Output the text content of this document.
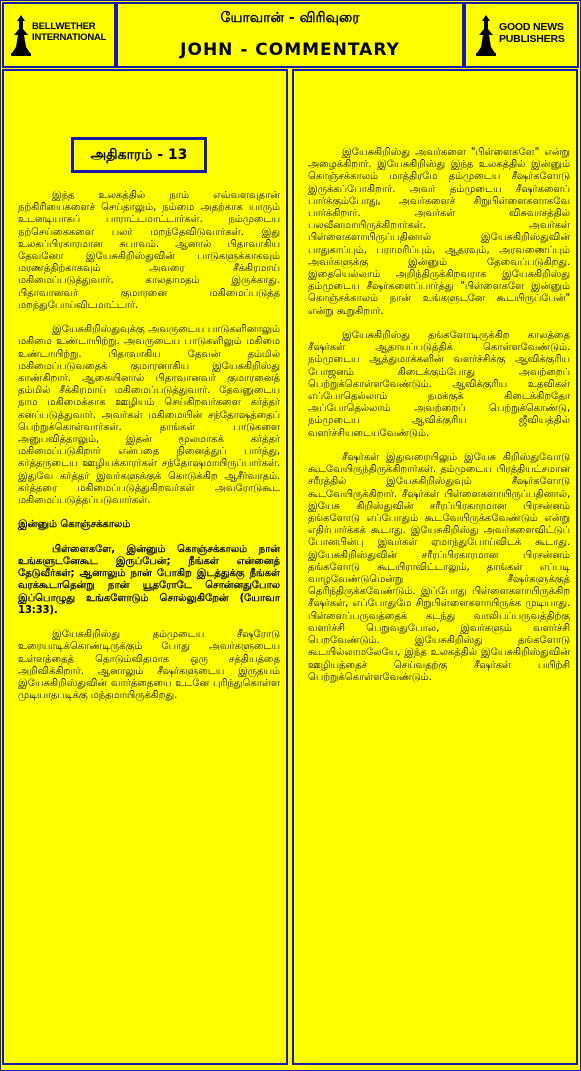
BELLWETHER
INTERNATIONAL
யோவான் - விரிவுரை
JOHN - COMMENTARY
GOOD NEWS
PUBLISHERS
அதிகாரம் - 13

இந்த உலகத்தில் நாம் எவ்வளவுதான் நற்கிரியைகளைச் செய்தாலும், நம்மை அதற்காக யாரும் உடனடியாகப் பாராட்டமாட்டார்கள். நம்முடைய நற்செய்கைகளை பலர் மறந்தேவிடுவார்கள். இது உலகப்பிரகாரமான சுபாவம். ஆனால் பிதாவாகிய தேவனோ இயேசுகிறிஸ்துவின் பாடுகளுக்காகவும் மரணத்திற்காகவும் அவரை சீக்கிரமாய் மகிமைப்படுத்துவார். காலதாமதம் இருக்காது. பிதாவானவர் குமாரனை மகிமைப்படுத்த மறந்துபோய்விடமாட்டார்.

இயேசுகிறிஸ்துவுக்கு அவருடைய பாடுகளினாலும் மகிமை உண்டாயிற்று. அவருடைய பாடுகளிலும் மகிமை உண்டாயிற்று. பிதாவாகிய தேவன் தம்மில் மகிமைப்படுவதைக் குமாரனாகிய இயேசுகிறிஸ்து காண்கிறார். ஆகையினால் பிதாவானவர் குமாரனைத் தம்மில் சீக்கிரமாய் மகிமைப்படுத்துவார். தேவனுடைய நாம மகிமைக்காக ஊழியம் செய்கிறவர்களை கர்த்தர் கனப்படுத்துவார். அவர்கள் மகிமையின் சந்தோஷத்தைப் பெற்றுக்கொள்வார்கள். தாங்கள் பாடுகளை அனுபவித்தாலும், இதன் மூலமாகக் கர்த்தர் மகிமைப்படுகிறார் என்பதை நினைத்துப் பார்த்து, கர்த்தருடைய ஊழியக்காரர்கள் சந்தோஷமாயிருப்பார்கள். இதுவே கர்த்தர் இவர்களுக்குக் கொடுக்கிற ஆசீர்வாதம். கர்த்தரை மகிமைப்படுத்துகிறவர்கள் அவரோடுகூட மகிமைப்படுத்தப்படுவார்கள்.

இன்னும் கொஞ்சக்காலம்

பிள்ளைகளே, இன்னும் கொஞ்சக்காலம் நான் உங்களுடனேகூட இருப்பேன்; நீங்கள் என்னைத் தேடுவீர்கள்; ஆனாலும் நான் போகிற இடத்துக்கு நீங்கள் வரக்கூடாதென்று நான் யூதரோடே சொன்னதுபோல இப்பொழுது உங்களோடும் சொல்லுகிறேன் (யோவா 13:33).

இயேசுகிறிஸ்து தம்முடைய சீஷரோடு உரையாடிக்கொண்டிருக்கும் போது அவர்களுடைய உள்ளத்தைத் தொடும்விதமாக ஒரு சத்தியத்தை அறிவிக்கிறார். ஆனாலும் சீஷர்களுடைய இருதயம் இயேசுகிறிஸ்துவின் வார்த்தையை உடனே புரிந்துகொள்ள முடியாதபடிக்கு மந்தமாயிருக்கிறது.

இயேசுகிறிஸ்து அவர்களை "பிள்ளைகளே" என்று அழைக்கிறார். இயேசுகிறிஸ்து இந்த உலகத்தில் இன்னும் கொஞ்சக்காலம் மாத்திரமே தம்முடைய சீஷர்களோடு இருக்கப்போகிறார். அவர் தம்முடைய சீஷர்களைப் பார்க்கும்போது, அவர்களைச் சிறுபிள்ளைகளாகவே பார்க்கிறார். அவர்கள் விசுவாசத்தில் பலவீனமாயிருக்கிறார்கள். அவர்கள் பிள்ளைகளாயிருப்பதினால் இயேசுகிறிஸ்துவின் பாதுகாப்பும், பராமரிப்பும், ஆதரவும், அரவணைப்பும் அவர்களுக்கு இன்னும் தேவைப்படுகிறது. இதையெல்லாம் அறிந்திருக்கிறவராக இயேசுகிறிஸ்து தம்முடைய சீஷர்களைப்பார்த்து "பிள்ளைகளே இன்னும் கொஞ்சக்காலம் நான் உங்களுடனே கூடயிருப்பேன்" என்று கூறுகிறார்.

இயேசுகிறிஸ்து தங்களோடிருக்கிற காலத்தை சீஷர்கள் ஆதாயப்படுத்திக் கொள்ளவேண்டும். நம்முடைய ஆத்துமாக்களின் வளர்ச்சிக்கு ஆவிக்குரிய போஜனம் கிடைக்கும்போது அவற்றைப் பெற்றுக்கொள்ளவேண்டும். ஆவிக்குரிய உதவிகள் எப்போதெல்லாம் நமக்குக் கிடைக்கிறதோ அப்போதெல்லாம் அவற்றைப் பெற்றுக்கொண்டு, நம்முடைய ஆவிக்குரிய ஜீவியத்தில் வளர்ச்சியடையவேண்டும்.

சீஷர்கள் இதுவரையிலும் இயேசு கிறிஸ்துவோடு கூடவேயிருந்திருக்கிறார்கள். தம்முடைய பிரத்தியட்சமான சரீரத்தில் இயேசுகிறிஸ்துவும் சீஷர்களோடு கூடவேயிருக்கிறார். சீஷர்கள் பிள்ளைகளாயிருப்பதினால், இயேசு கிறிஸ்துவின் சரீரப்பிரகாரமான பிரசன்னம் தங்களோடு எப்போதும் கூடவேயிருக்கவேண்டும் என்று எதிர்பார்க்கக் கூடாது. இயேசுகிறிஸ்து அவர்களைவிட்டுப் போனபின்பு இவர்கள் ஏமாந்துபோய்விடக் கூடாது. இயேசுகிறிஸ்துவின் சரீரப்பிரகாரமான பிரசன்னம் தங்களோடு கூடயிராவிட்டாலும், தாங்கள் எப்படி வாழவேண்டுமென்று சீஷர்களுக்குத் தெரிந்திருக்கவேண்டும். இப்போது பிள்ளைகளாயிருக்கிற சீஷர்கள், எப்போதுமே சிறுபிள்ளைகளாயிருக்க முடியாது. பிள்ளைப்பருவத்தைக் கடந்து வாலிபப்பருவத்திற்கு வளர்ச்சி பெறுவதுபோல, இவர்களும் வளர்ச்சி பெறவேண்டும். இயேசுகிறிஸ்து தங்களோடு கூடயில்லாமலேயே, இந்த உலகத்தில் இயேசுகிறிஸ்துவின் ஊழியத்தைச் செய்வதற்கு சீஷர்கள் பயிற்சி பெற்றுக்கொள்ளவேண்டும்.
